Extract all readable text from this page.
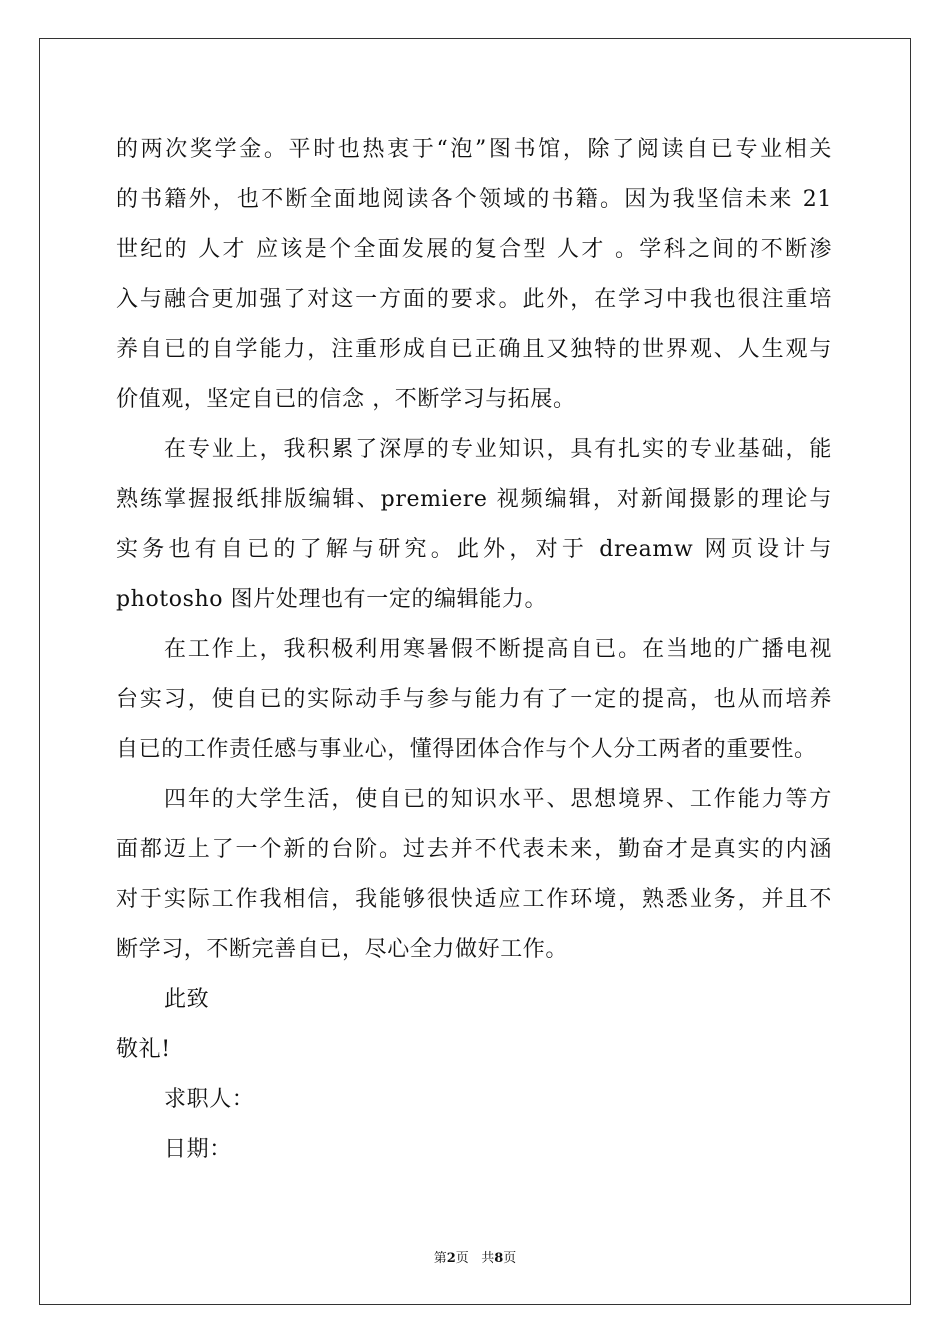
的两次奖学金。平时也热衷于“泡”图书馆，除了阅读自已专业相关
的书籍外，也不断全面地阅读各个领域的书籍。因为我坚信未来 21
世纪的 人才 应该是个全面发展的复合型 人才 。学科之间的不断渗
入与融合更加强了对这一方面的要求。此外，在学习中我也很注重培
养自已的自学能力，注重形成自已正确且又独特的世界观、人生观与
价值观，坚定自已的信念 ，不断学习与拓展。
在专业上，我积累了深厚的专业知识，具有扎实的专业基础，能
熟练掌握报纸排版编辑、premiere 视频编辑，对新闻摄影的理论与
实务也有自已的了解与研究。此外，对于 dreamw 网页设计与
photosho 图片处理也有一定的编辑能力。
在工作上，我积极利用寒暑假不断提高自已。在当地的广播电视
台实习，使自已的实际动手与参与能力有了一定的提高，也从而培养
自已的工作责任感与事业心，懂得团体合作与个人分工两者的重要性。
四年的大学生活，使自已的知识水平、思想境界、工作能力等方
面都迈上了一个新的台阶。过去并不代表未来，勤奋才是真实的内涵
对于实际工作我相信，我能够很快适应工作环境，熟悉业务，并且不
断学习，不断完善自已，尽心全力做好工作。
此致
敬礼!
求职人：
日期：
第2页 共8页
